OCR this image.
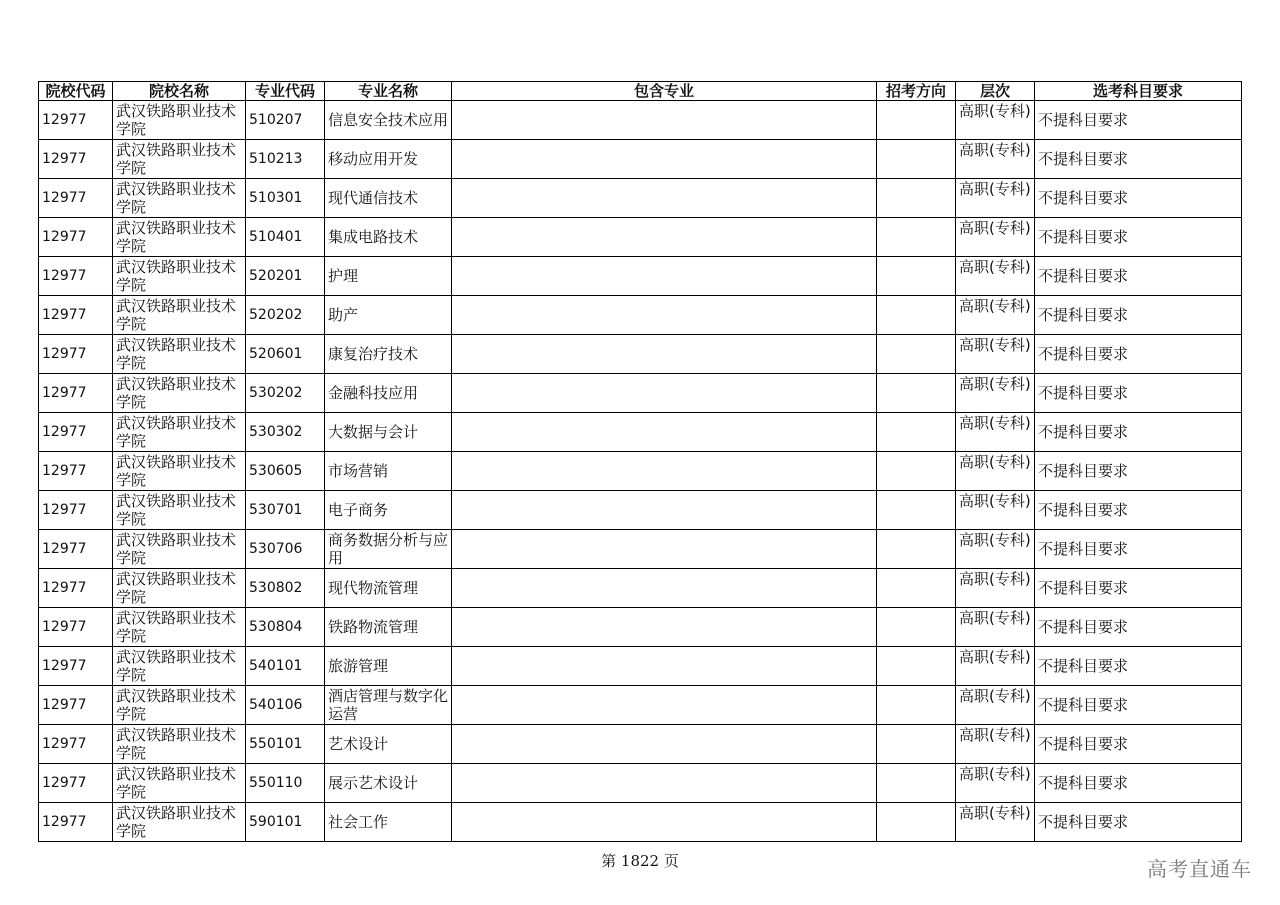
院校代码	院校名称	专业代码	专业名称	包含专业	招考方向	层次	选考科目要求
12977	武汉铁路职业技术学院	510207	信息安全技术应用			高职(专科)	不提科目要求
12977	武汉铁路职业技术学院	510213	移动应用开发			高职(专科)	不提科目要求
12977	武汉铁路职业技术学院	510301	现代通信技术			高职(专科)	不提科目要求
12977	武汉铁路职业技术学院	510401	集成电路技术			高职(专科)	不提科目要求
12977	武汉铁路职业技术学院	520201	护理			高职(专科)	不提科目要求
12977	武汉铁路职业技术学院	520202	助产			高职(专科)	不提科目要求
12977	武汉铁路职业技术学院	520601	康复治疗技术			高职(专科)	不提科目要求
12977	武汉铁路职业技术学院	530202	金融科技应用			高职(专科)	不提科目要求
12977	武汉铁路职业技术学院	530302	大数据与会计			高职(专科)	不提科目要求
12977	武汉铁路职业技术学院	530605	市场营销			高职(专科)	不提科目要求
12977	武汉铁路职业技术学院	530701	电子商务			高职(专科)	不提科目要求
12977	武汉铁路职业技术学院	530706	商务数据分析与应用			高职(专科)	不提科目要求
12977	武汉铁路职业技术学院	530802	现代物流管理			高职(专科)	不提科目要求
12977	武汉铁路职业技术学院	530804	铁路物流管理			高职(专科)	不提科目要求
12977	武汉铁路职业技术学院	540101	旅游管理			高职(专科)	不提科目要求
12977	武汉铁路职业技术学院	540106	酒店管理与数字化运营			高职(专科)	不提科目要求
12977	武汉铁路职业技术学院	550101	艺术设计			高职(专科)	不提科目要求
12977	武汉铁路职业技术学院	550110	展示艺术设计			高职(专科)	不提科目要求
12977	武汉铁路职业技术学院	590101	社会工作			高职(专科)	不提科目要求
第 1822 页	高考直通车
